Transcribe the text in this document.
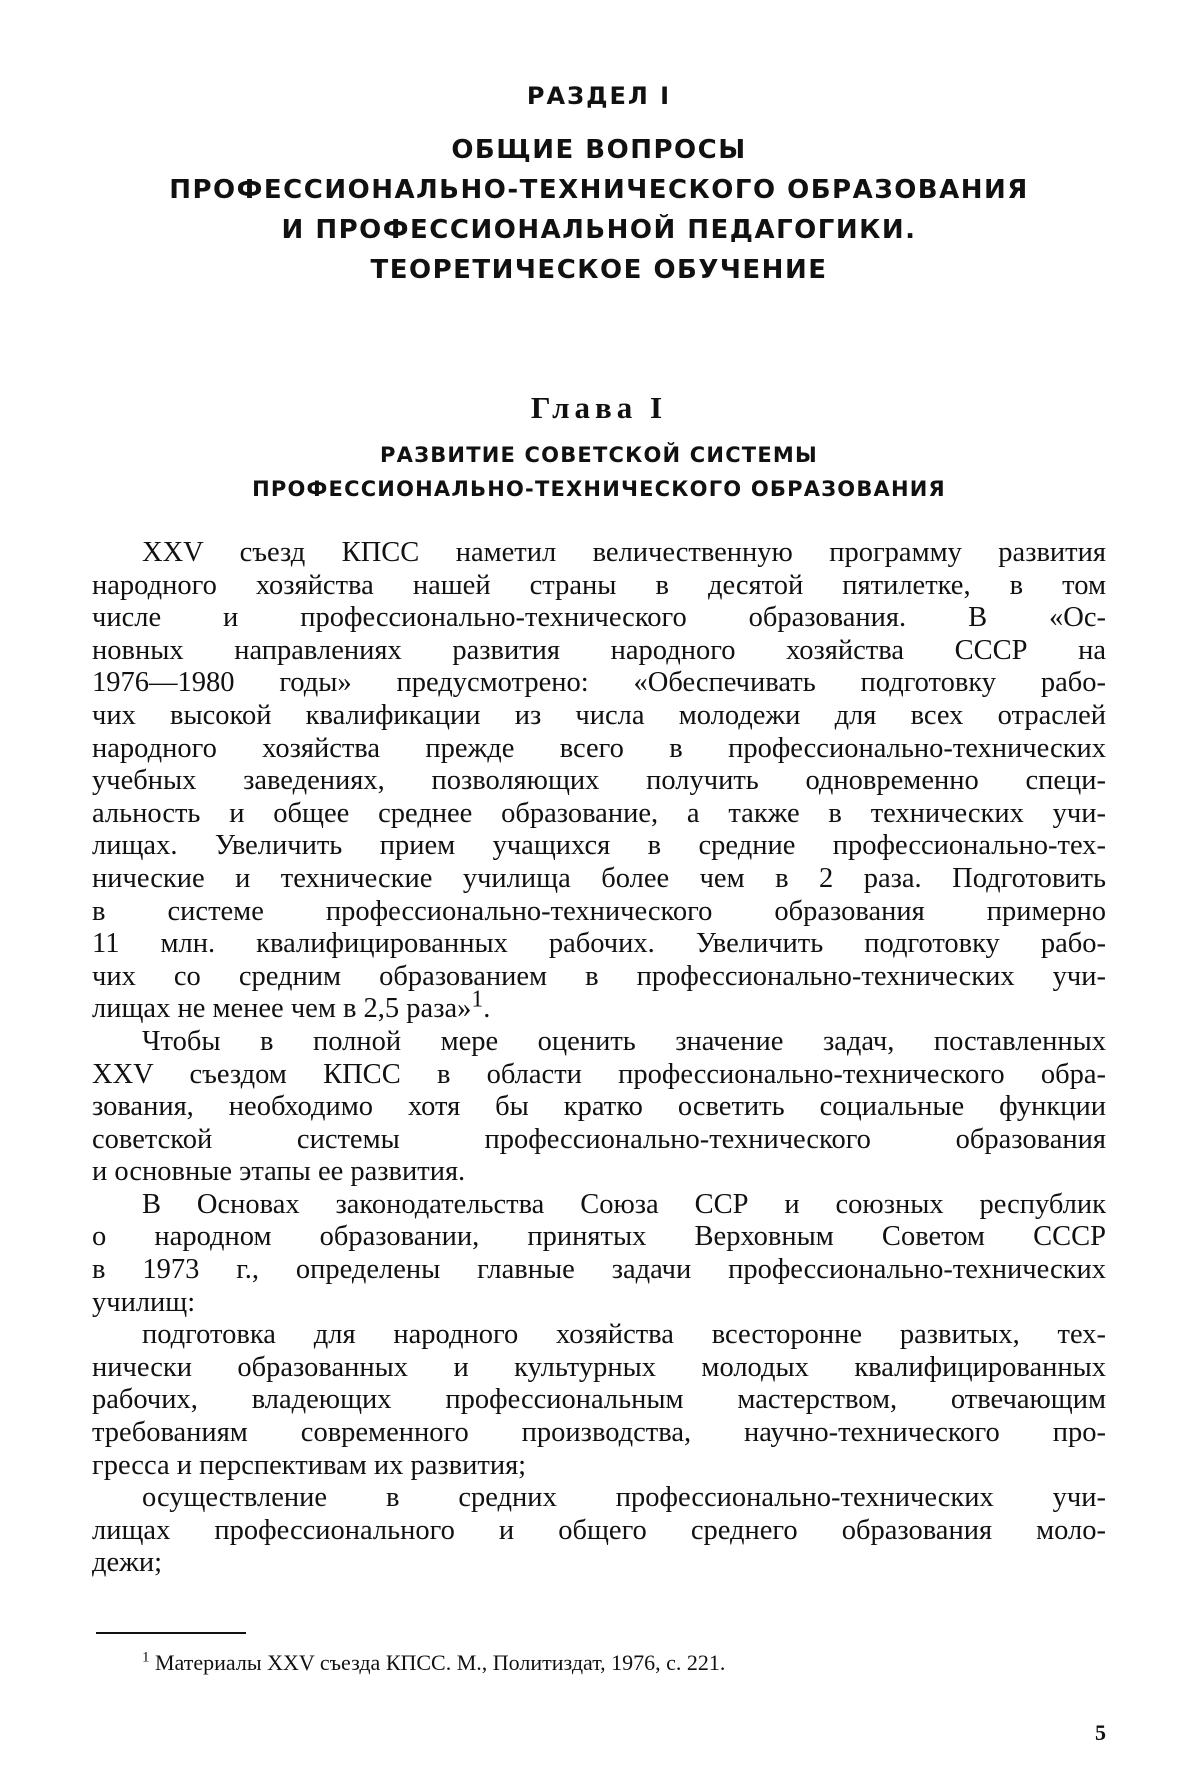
РАЗДЕЛ I
ОБЩИЕ ВОПРОСЫ
ПРОФЕССИОНАЛЬНО-ТЕХНИЧЕСКОГО ОБРАЗОВАНИЯ
И ПРОФЕССИОНАЛЬНОЙ ПЕДАГОГИКИ.
ТЕОРЕТИЧЕСКОЕ ОБУЧЕНИЕ
Глава I
РАЗВИТИЕ СОВЕТСКОЙ СИСТЕМЫ
ПРОФЕССИОНАЛЬНО-ТЕХНИЧЕСКОГО ОБРАЗОВАНИЯ
XXV съезд КПСС наметил величественную программу развития
народного хозяйства нашей страны в десятой пятилетке, в том
числе и профессионально-технического образования. В «Ос-
новных направлениях развития народного хозяйства СССР на
1976—1980 годы» предусмотрено: «Обеспечивать подготовку рабо-
чих высокой квалификации из числа молодежи для всех отраслей
народного хозяйства прежде всего в профессионально-технических
учебных заведениях, позволяющих получить одновременно специ-
альность и общее среднее образование, а также в технических учи-
лищах. Увеличить прием учащихся в средние профессионально-тех-
нические и технические училища более чем в 2 раза. Подготовить
в системе профессионально-технического образования примерно
11 млн. квалифицированных рабочих. Увеличить подготовку рабо-
чих со средним образованием в профессионально-технических учи-
лищах не менее чем в 2,5 раза»$^1$.
Чтобы в полной мере оценить значение задач, поставленных
XXV съездом КПСС в области профессионально-технического обра-
зования, необходимо хотя бы кратко осветить социальные функции
советской системы профессионально-технического образования
и основные этапы ее развития.
В Основах законодательства Союза ССР и союзных республик
о народном образовании, принятых Верховным Советом СССР
в 1973 г., определены главные задачи профессионально-технических
училищ:
подготовка для народного хозяйства всесторонне развитых, тех-
нически образованных и культурных молодых квалифицированных
рабочих, владеющих профессиональным мастерством, отвечающим
требованиям современного производства, научно-технического про-
гресса и перспективам их развития;
осуществление в средних профессионально-технических учи-
лищах профессионального и общего среднего образования моло-
дежи;
$^1$ Материалы XXV съезда КПСС. М., Политиздат, 1976, с. 221.
5
